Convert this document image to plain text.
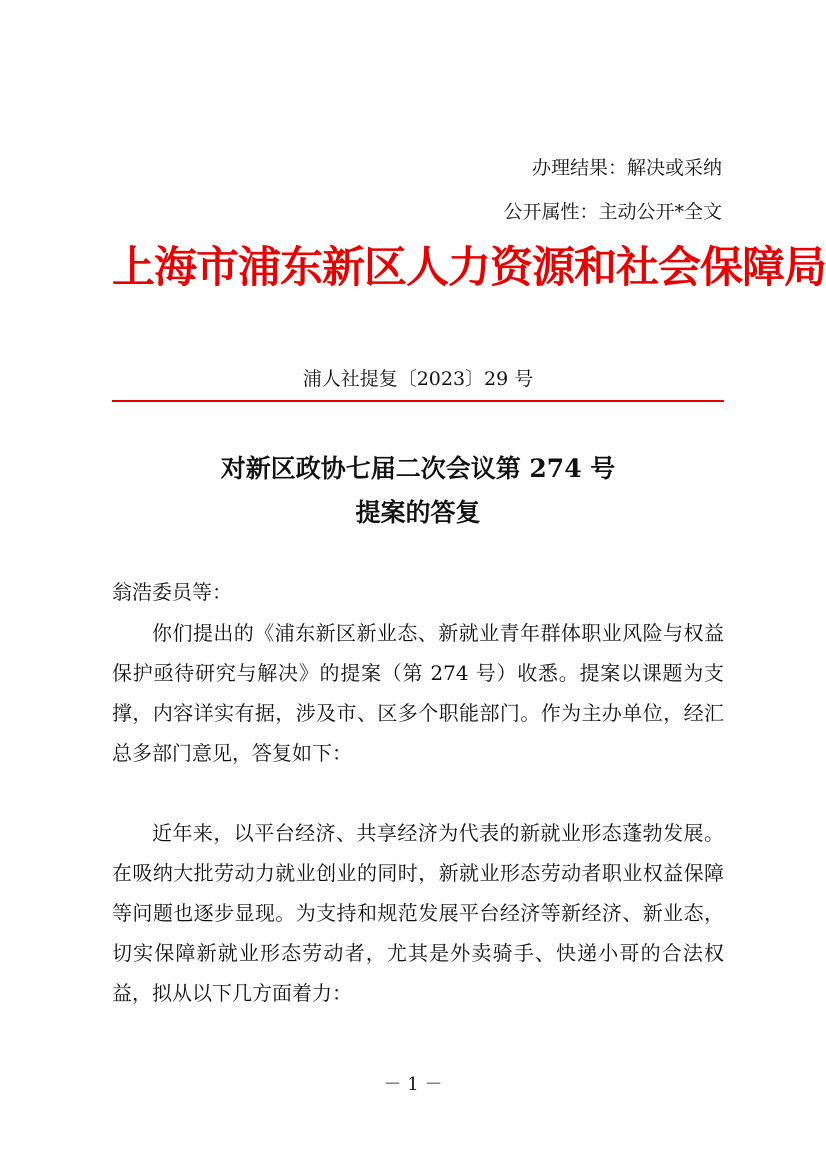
办理结果：解决或采纳
公开属性：主动公开*全文
上海市浦东新区人力资源和社会保障局
浦人社提复〔2023〕29 号
对新区政协七届二次会议第 274 号
提案的答复
翁浩委员等：

你们提出的《浦东新区新业态、新就业青年群体职业风险与权益保护亟待研究与解决》的提案（第 274 号）收悉。提案以课题为支撑，内容详实有据，涉及市、区多个职能部门。作为主办单位，经汇总多部门意见，答复如下：

近年来，以平台经济、共享经济为代表的新就业形态蓬勃发展。在吸纳大批劳动力就业创业的同时，新就业形态劳动者职业权益保障等问题也逐步显现。为支持和规范发展平台经济等新经济、新业态，切实保障新就业形态劳动者，尤其是外卖骑手、快递小哥的合法权益，拟从以下几方面着力：

－ 1 －
